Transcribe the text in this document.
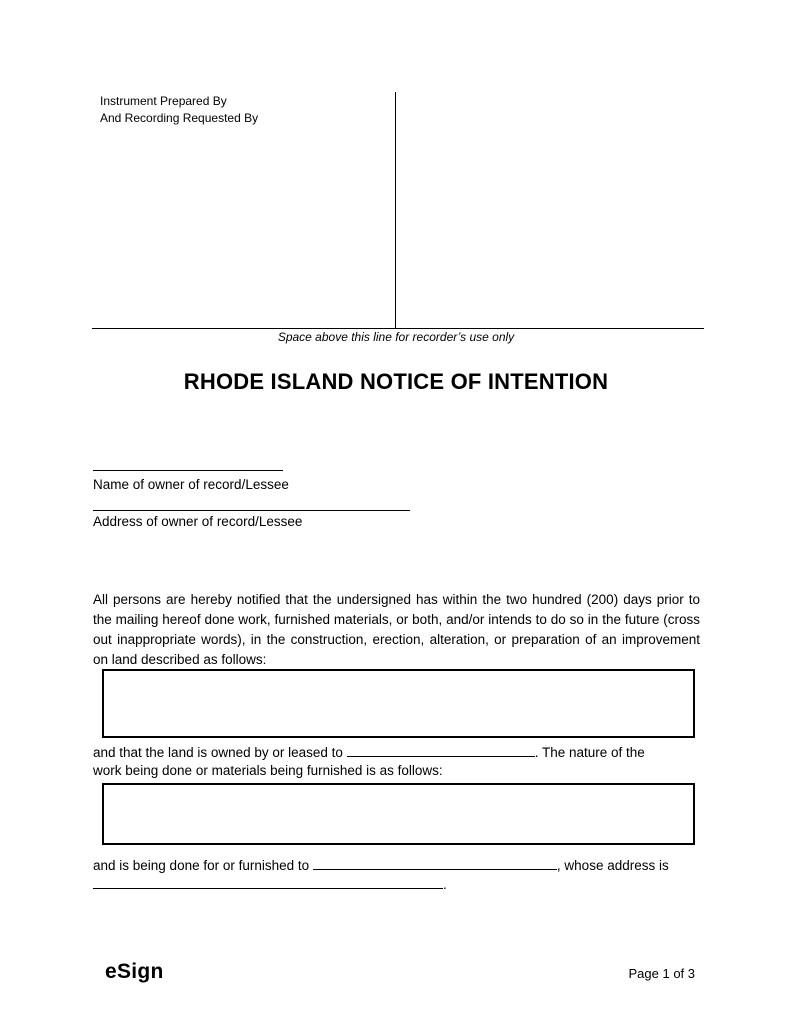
Instrument Prepared By
And Recording Requested By
Space above this line for recorder’s use only
RHODE ISLAND NOTICE OF INTENTION
Name of owner of record/Lessee
Address of owner of record/Lessee
All persons are hereby notified that the undersigned has within the two hundred (200) days prior to the mailing hereof done work, furnished materials, or both, and/or intends to do so in the future (cross out inappropriate words), in the construction, erection, alteration, or preparation of an improvement on land described as follows:
and that the land is owned by or leased to	. The nature of the
work being done or materials being furnished is as follows:
and is being done for or furnished to	, whose address is
.
eSign	Page 1 of 3
